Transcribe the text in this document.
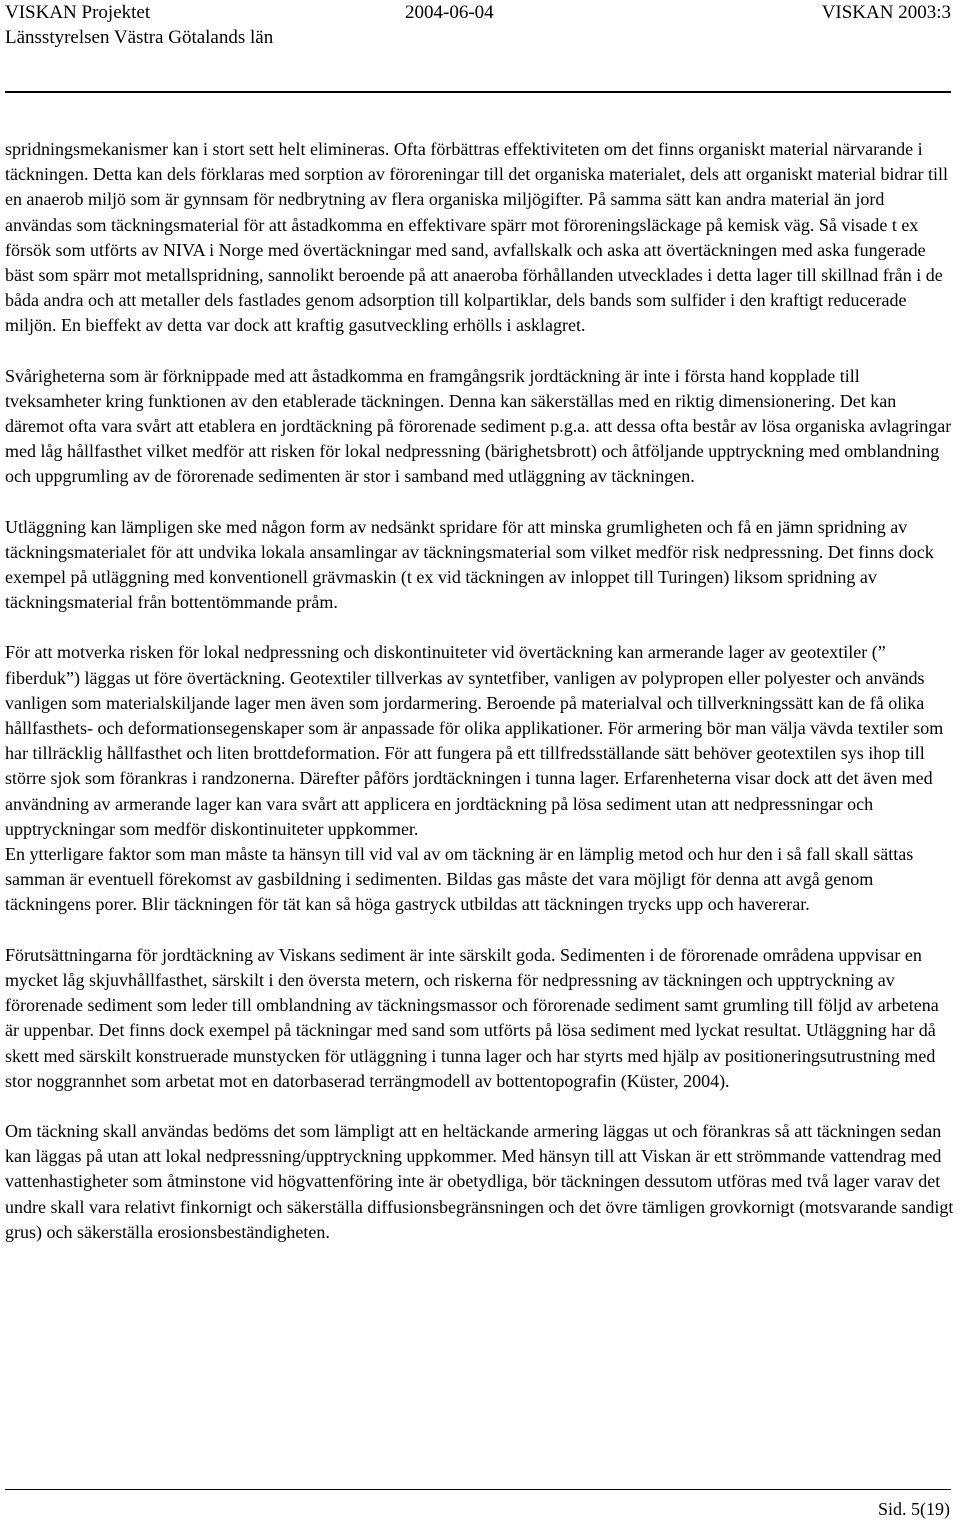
VISKAN Projektet	2004-06-04	VISKAN 2003:3
Länsstyrelsen Västra Götalands län

spridningsmekanismer kan i stort sett helt elimineras. Ofta förbättras effektiviteten om det finns organiskt material närvarande i täckningen. Detta kan dels förklaras med sorption av föroreningar till det organiska materialet, dels att organiskt material bidrar till en anaerob miljö som är gynnsam för nedbrytning av flera organiska miljögifter. På samma sätt kan andra material än jord användas som täckningsmaterial för att åstadkomma en effektivare spärr mot föroreningsläckage på kemisk väg. Så visade t ex försök som utförts av NIVA i Norge med övertäckningar med sand, avfallskalk och aska att övertäckningen med aska fungerade bäst som spärr mot metallspridning, sannolikt beroende på att anaeroba förhållanden utvecklades i detta lager till skillnad från i de båda andra och att metaller dels fastlades genom adsorption till kolpartiklar, dels bands som sulfider i den kraftigt reducerade miljön. En bieffekt av detta var dock att kraftig gasutveckling erhölls i asklagret.

Svårigheterna som är förknippade med att åstadkomma en framgångsrik jordtäckning är inte i första hand kopplade till tveksamheter kring funktionen av den etablerade täckningen. Denna kan säkerställas med en riktig dimensionering. Det kan däremot ofta vara svårt att etablera en jordtäckning på förorenade sediment p.g.a. att dessa ofta består av lösa organiska avlagringar med låg hållfasthet vilket medför att risken för lokal nedpressning (bärighetsbrott) och åtföljande upptryckning med omblandning och uppgrumling av de förorenade sedimenten är stor i samband med utläggning av täckningen.

Utläggning kan lämpligen ske med någon form av nedsänkt spridare för att minska grumligheten och få en jämn spridning av täckningsmaterialet för att undvika lokala ansamlingar av täckningsmaterial som vilket medför risk nedpressning. Det finns dock exempel på utläggning med konventionell grävmaskin (t ex vid täckningen av inloppet till Turingen) liksom spridning av täckningsmaterial från bottentömmande pråm.

För att motverka risken för lokal nedpressning och diskontinuiteter vid övertäckning kan armerande lager av geotextiler (” fiberduk”) läggas ut före övertäckning. Geotextiler tillverkas av syntetfiber, vanligen av polypropen eller polyester och används vanligen som materialskiljande lager men även som jordarmering. Beroende på materialval och tillverkningssätt kan de få olika hållfasthets- och deformationsegenskaper som är anpassade för olika applikationer. För armering bör man välja vävda textiler som har tillräcklig hållfasthet och liten brottdeformation. För att fungera på ett tillfredsställande sätt behöver geotextilen sys ihop till större sjok som förankras i randzonerna. Därefter påförs jordtäckningen i tunna lager. Erfarenheterna visar dock att det även med användning av armerande lager kan vara svårt att applicera en jordtäckning på lösa sediment utan att nedpressningar och upptryckningar som medför diskontinuiteter uppkommer.

En ytterligare faktor som man måste ta hänsyn till vid val av om täckning är en lämplig metod och hur den i så fall skall sättas samman är eventuell förekomst av gasbildning i sedimenten. Bildas gas måste det vara möjligt för denna att avgå genom täckningens porer. Blir täckningen för tät kan så höga gastryck utbildas att täckningen trycks upp och havererar.

Förutsättningarna för jordtäckning av Viskans sediment är inte särskilt goda. Sedimenten i de förorenade områdena uppvisar en mycket låg skjuvhållfasthet, särskilt i den översta metern, och riskerna för nedpressning av täckningen och upptryckning av förorenade sediment som leder till omblandning av täckningsmassor och förorenade sediment samt grumling till följd av arbetena är uppenbar. Det finns dock exempel på täckningar med sand som utförts på lösa sediment med lyckat resultat. Utläggning har då skett med särskilt konstruerade munstycken för utläggning i tunna lager och har styrts med hjälp av positioneringsutrustning med stor noggrannhet som arbetat mot en datorbaserad terrängmodell av bottentopografin (Küster, 2004).

Om täckning skall användas bedöms det som lämpligt att en heltäckande armering läggas ut och förankras så att täckningen sedan kan läggas på utan att lokal nedpressning/upptryckning uppkommer. Med hänsyn till att Viskan är ett strömmande vattendrag med vattenhastigheter som åtminstone vid högvattenföring inte är obetydliga, bör täckningen dessutom utföras med två lager varav det undre skall vara relativt finkornigt och säkerställa diffusionsbegränsningen och det övre tämligen grovkornigt (motsvarande sandigt grus) och säkerställa erosionsbeständigheten.

Sid. 5(19)
